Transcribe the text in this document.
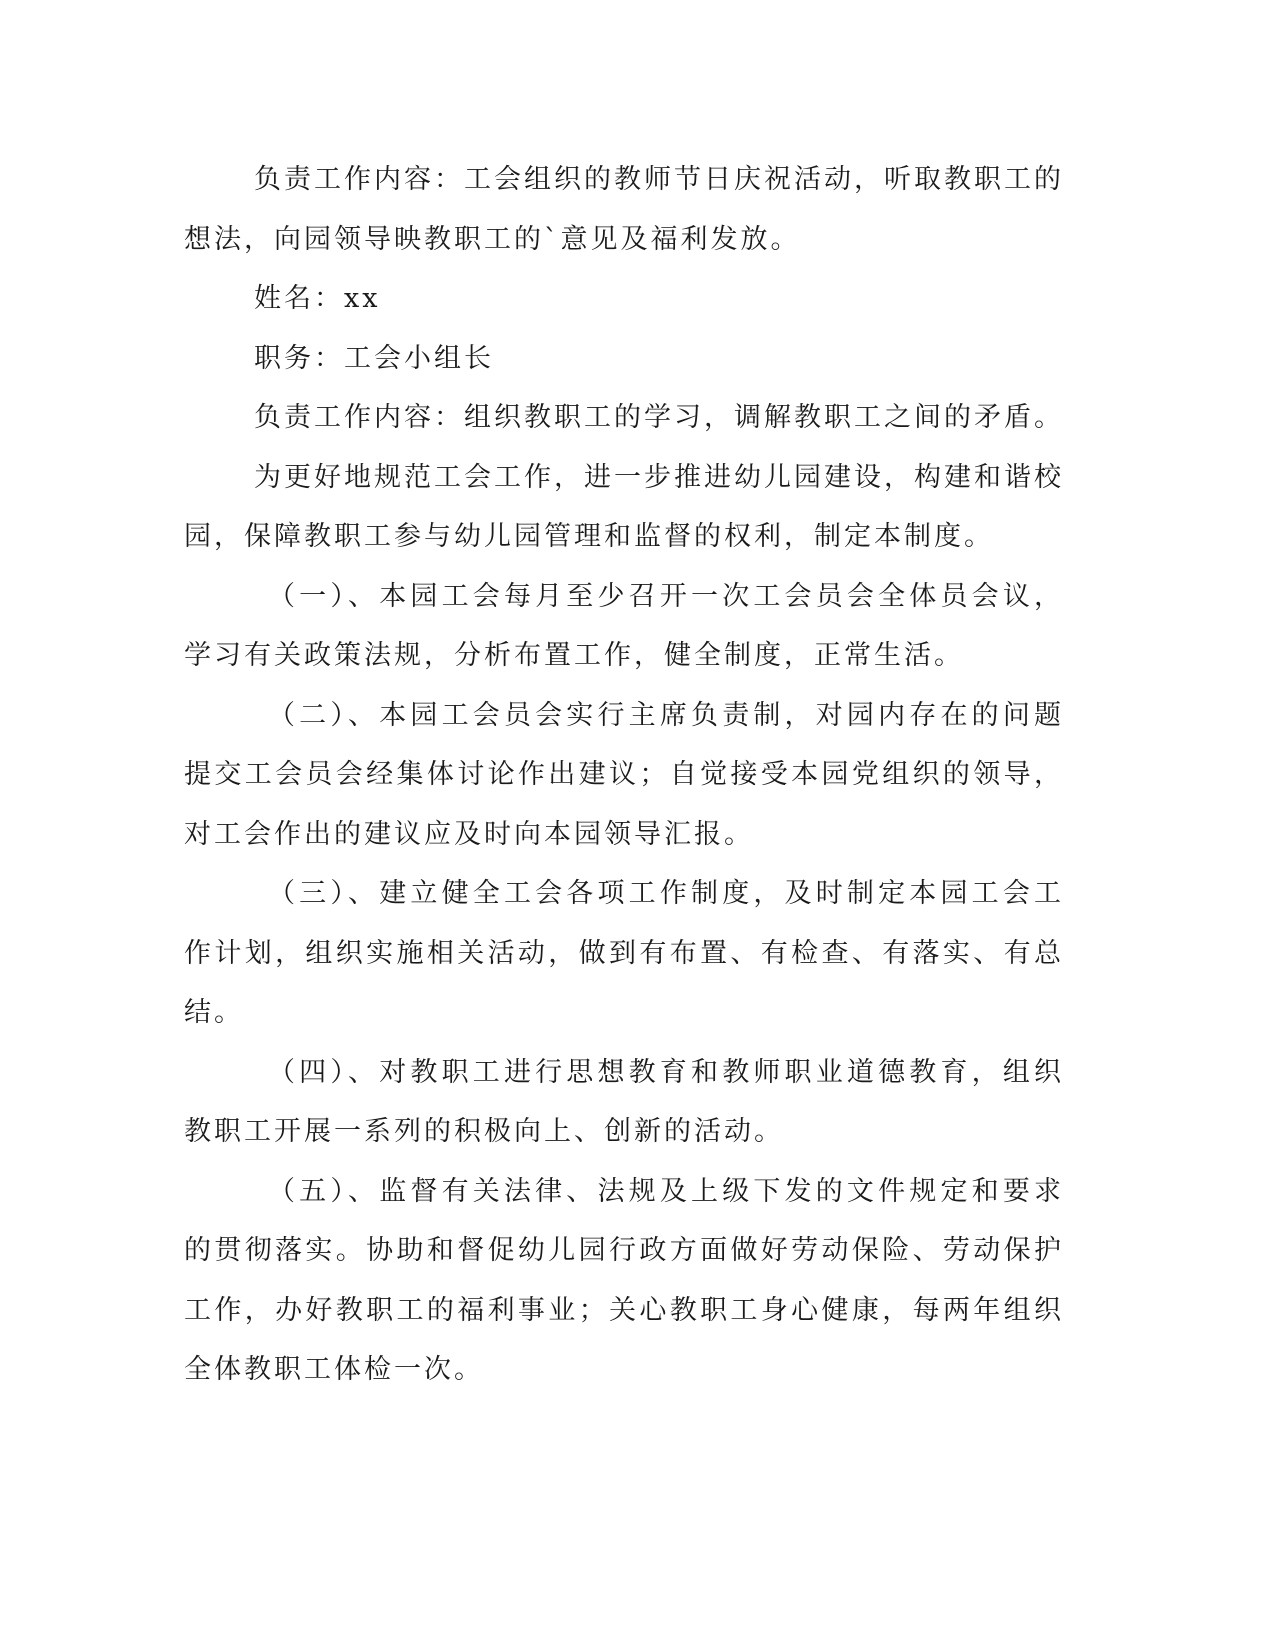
负责工作内容：工会组织的教师节日庆祝活动，听取教职工的想法，向园领导映教职工的`意见及福利发放。

姓名：xx

职务：工会小组长

负责工作内容：组织教职工的学习，调解教职工之间的矛盾。

为更好地规范工会工作，进一步推进幼儿园建设，构建和谐校园，保障教职工参与幼儿园管理和监督的权利，制定本制度。

（一）、本园工会每月至少召开一次工会员会全体员会议，学习有关政策法规，分析布置工作，健全制度，正常生活。

（二）、本园工会员会实行主席负责制，对园内存在的问题提交工会员会经集体讨论作出建议；自觉接受本园党组织的领导，对工会作出的建议应及时向本园领导汇报。

（三）、建立健全工会各项工作制度，及时制定本园工会工作计划，组织实施相关活动，做到有布置、有检查、有落实、有总结。

（四）、对教职工进行思想教育和教师职业道德教育，组织教职工开展一系列的积极向上、创新的活动。

（五）、监督有关法律、法规及上级下发的文件规定和要求的贯彻落实。协助和督促幼儿园行政方面做好劳动保险、劳动保护工作，办好教职工的福利事业；关心教职工身心健康，每两年组织全体教职工体检一次。
